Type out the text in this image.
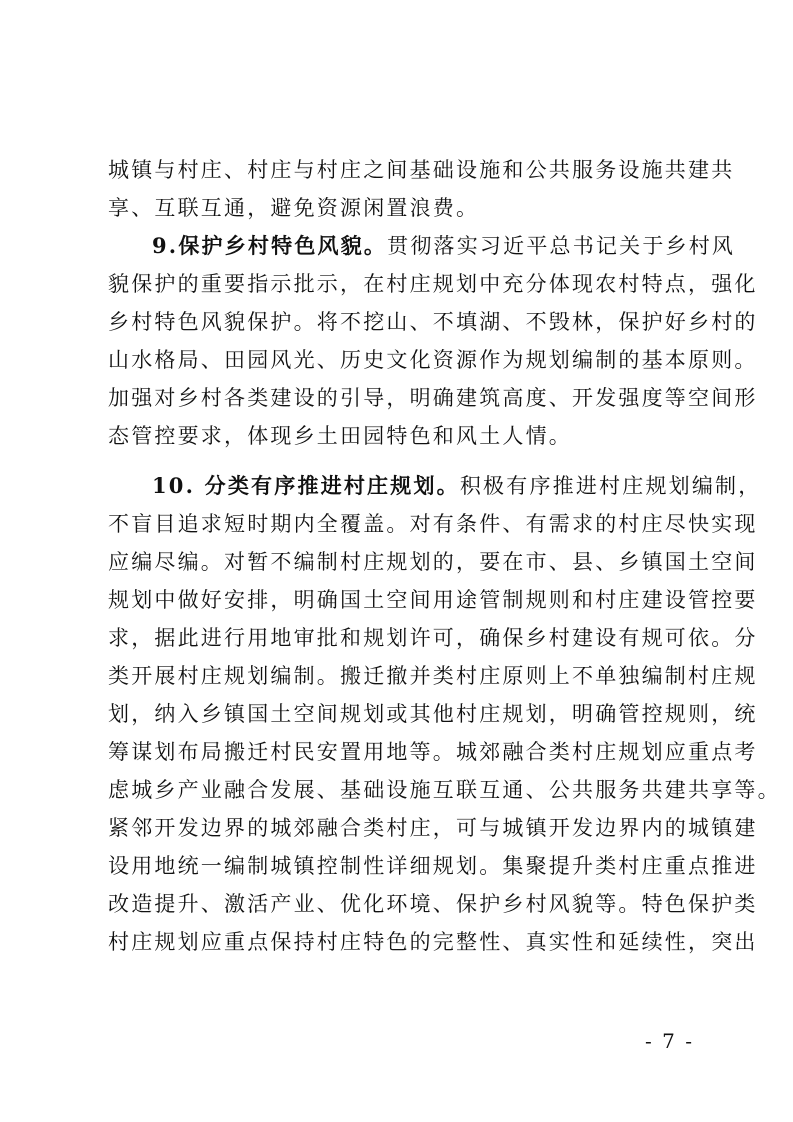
城镇与村庄、村庄与村庄之间基础设施和公共服务设施共建共
享、互联互通，避免资源闲置浪费。
9.保护乡村特色风貌。贯彻落实习近平总书记关于乡村风
貌保护的重要指示批示，在村庄规划中充分体现农村特点，强化
乡村特色风貌保护。将不挖山、不填湖、不毁林，保护好乡村的
山水格局、田园风光、历史文化资源作为规划编制的基本原则。
加强对乡村各类建设的引导，明确建筑高度、开发强度等空间形
态管控要求，体现乡土田园特色和风土人情。
10. 分类有序推进村庄规划。积极有序推进村庄规划编制，
不盲目追求短时期内全覆盖。对有条件、有需求的村庄尽快实现
应编尽编。对暂不编制村庄规划的，要在市、县、乡镇国土空间
规划中做好安排，明确国土空间用途管制规则和村庄建设管控要
求，据此进行用地审批和规划许可，确保乡村建设有规可依。分
类开展村庄规划编制。搬迁撤并类村庄原则上不单独编制村庄规
划，纳入乡镇国土空间规划或其他村庄规划，明确管控规则，统
筹谋划布局搬迁村民安置用地等。城郊融合类村庄规划应重点考
虑城乡产业融合发展、基础设施互联互通、公共服务共建共享等。
紧邻开发边界的城郊融合类村庄，可与城镇开发边界内的城镇建
设用地统一编制城镇控制性详细规划。集聚提升类村庄重点推进
改造提升、激活产业、优化环境、保护乡村风貌等。特色保护类
村庄规划应重点保持村庄特色的完整性、真实性和延续性，突出
- 7 -
